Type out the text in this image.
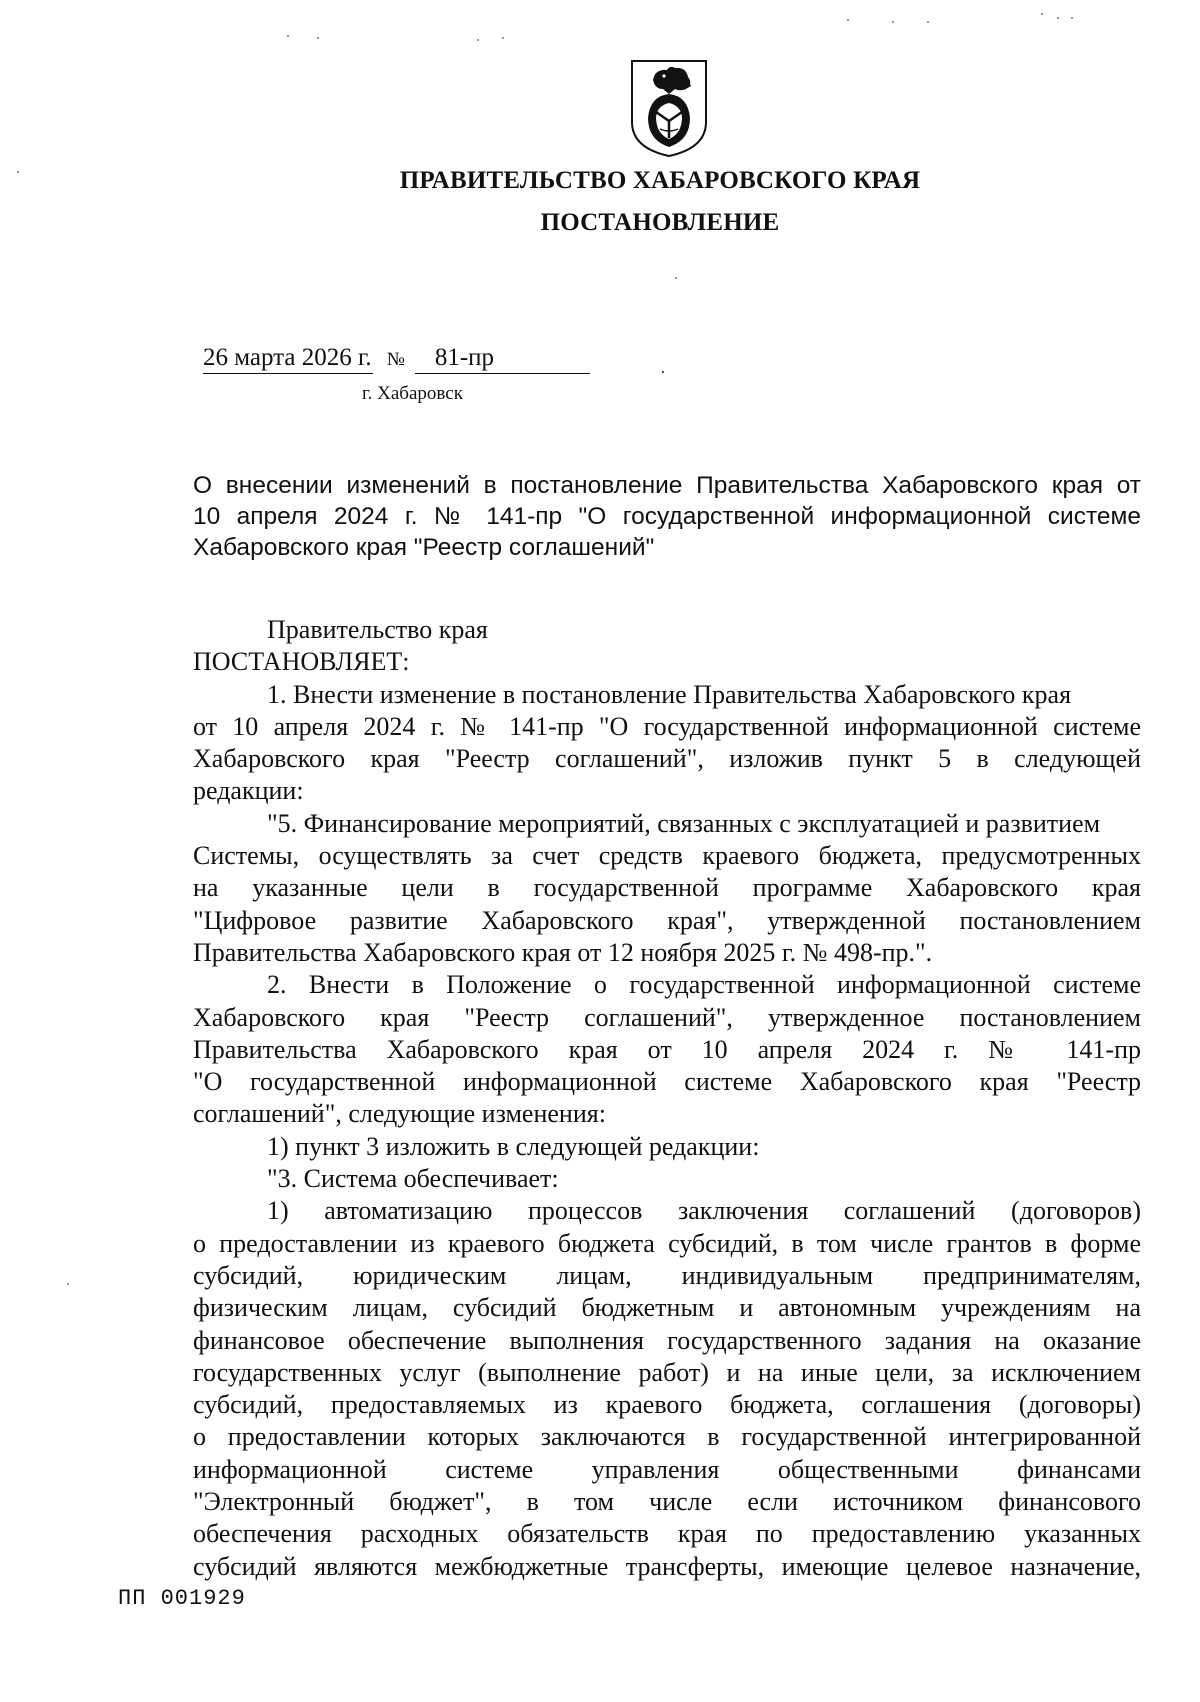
ПРАВИТЕЛЬСТВО ХАБАРОВСКОГО КРАЯ
ПОСТАНОВЛЕНИЕ
26 марта 2026 г. № 81-пр
г. Хабаровск
О внесении изменений в постановление Правительства Хабаровского края от
10 апреля 2024 г. № 141-пр "О государственной информационной системе
Хабаровского края "Реестр соглашений"
Правительство края
ПОСТАНОВЛЯЕТ:
1. Внести изменение в постановление Правительства Хабаровского края
от 10 апреля 2024 г. № 141-пр "О государственной информационной системе
Хабаровского края "Реестр соглашений", изложив пункт 5 в следующей
редакции:
"5. Финансирование мероприятий, связанных с эксплуатацией и развитием
Системы, осуществлять за счет средств краевого бюджета, предусмотренных
на указанные цели в государственной программе Хабаровского края
"Цифровое развитие Хабаровского края", утвержденной постановлением
Правительства Хабаровского края от 12 ноября 2025 г. № 498-пр.".
2. Внести в Положение о государственной информационной системе
Хабаровского края "Реестр соглашений", утвержденное постановлением
Правительства Хабаровского края от 10 апреля 2024 г. № 141-пр
"О государственной информационной системе Хабаровского края "Реестр
соглашений", следующие изменения:
1) пункт 3 изложить в следующей редакции:
"3. Система обеспечивает:
1) автоматизацию процессов заключения соглашений (договоров)
о предоставлении из краевого бюджета субсидий, в том числе грантов в форме
субсидий, юридическим лицам, индивидуальным предпринимателям,
физическим лицам, субсидий бюджетным и автономным учреждениям на
финансовое обеспечение выполнения государственного задания на оказание
государственных услуг (выполнение работ) и на иные цели, за исключением
субсидий, предоставляемых из краевого бюджета, соглашения (договоры)
о предоставлении которых заключаются в государственной интегрированной
информационной системе управления общественными финансами
"Электронный бюджет", в том числе если источником финансового
обеспечения расходных обязательств края по предоставлению указанных
субсидий являются межбюджетные трансферты, имеющие целевое назначение,
ПП 001929
